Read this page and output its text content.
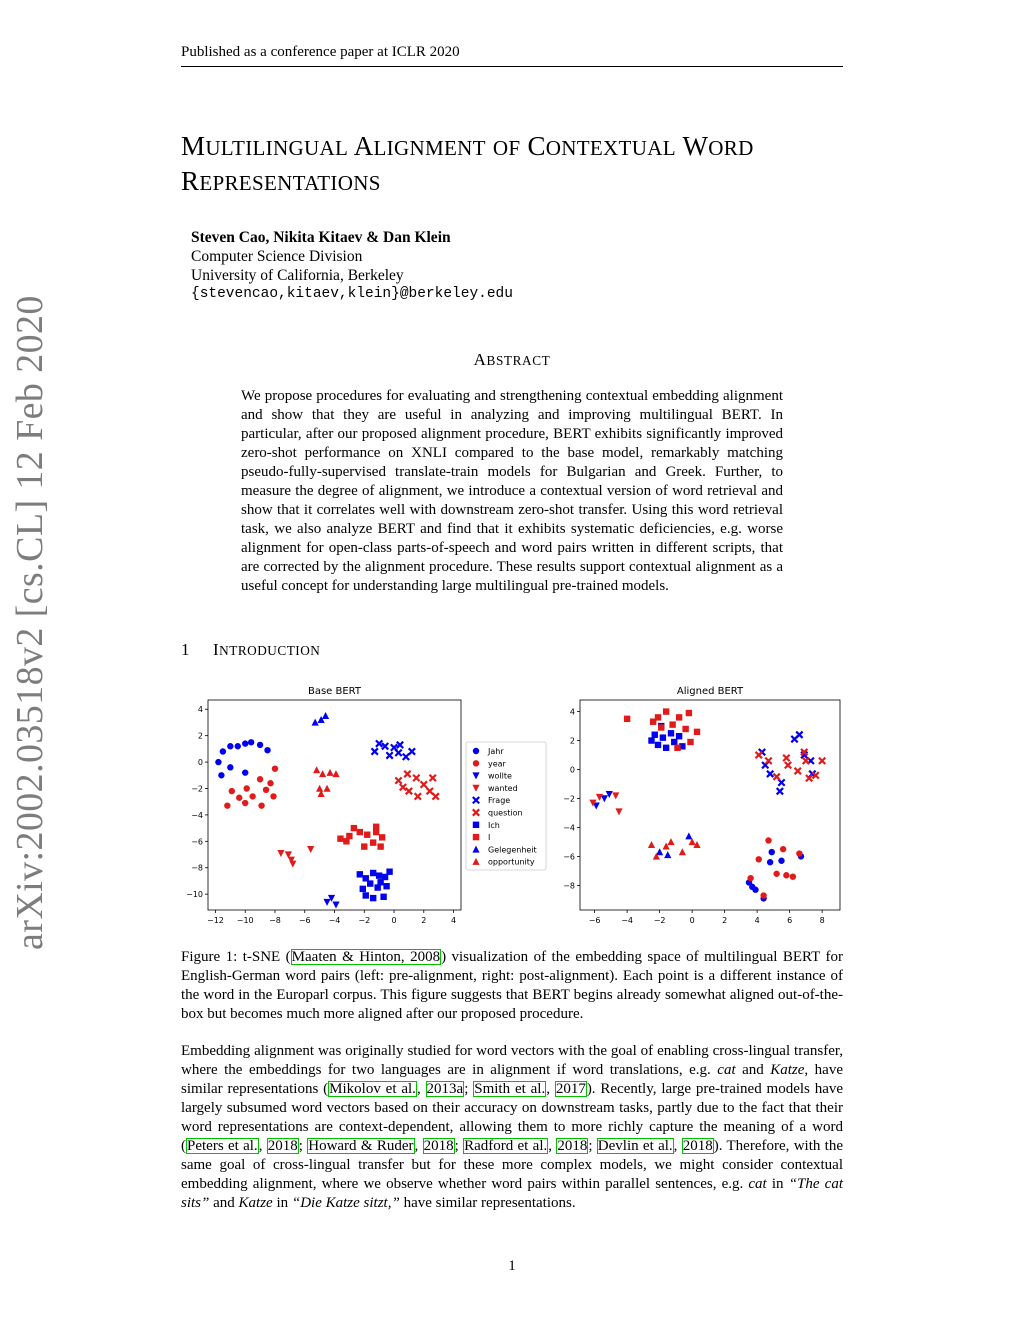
Published as a conference paper at ICLR 2020
arXiv:2002.03518v2 [cs.CL] 12 Feb 2020
MULTILINGUAL ALIGNMENT OF CONTEXTUAL WORD
REPRESENTATIONS
Steven Cao, Nikita Kitaev & Dan Klein
Computer Science Division
University of California, Berkeley
{stevencao,kitaev,klein}@berkeley.edu
ABSTRACT
We propose procedures for evaluating and strengthening contextual embedding alignment and show that they are useful in analyzing and improving multilingual BERT. In particular, after our proposed alignment procedure, BERT exhibits significantly improved zero-shot performance on XNLI compared to the base model, remarkably matching pseudo-fully-supervised translate-train models for Bulgarian and Greek. Further, to measure the degree of alignment, we introduce a contextual version of word retrieval and show that it correlates well with downstream zero-shot transfer. Using this word retrieval task, we also analyze BERT and find that it exhibits systematic deficiencies, e.g. worse alignment for open-class parts-of-speech and word pairs written in different scripts, that are corrected by the alignment procedure. These results support contextual alignment as a useful concept for understanding large multilingual pre-trained models.
1 INTRODUCTION
Base BERT
−12 −10 −8 −6 −4 −2	0	2	4
4
2
0
−2
−4
−6
−8
−10
Aligned BERT
−6	−4	−2	0	2	4	6	8
4
2
0
−2
−4
−6
−8
Jahr
year
wollte
wanted
Frage
question
Ich
I
Gelegenheit
opportunity
Figure 1: t-SNE (Maaten & Hinton, 2008) visualization of the embedding space of multilingual BERT for English-German word pairs (left: pre-alignment, right: post-alignment). Each point is a different instance of the word in the Europarl corpus. This figure suggests that BERT begins already somewhat aligned out-of-the-box but becomes much more aligned after our proposed procedure.
Embedding alignment was originally studied for word vectors with the goal of enabling cross-lingual transfer, where the embeddings for two languages are in alignment if word translations, e.g. cat and Katze, have similar representations (Mikolov et al., 2013a; Smith et al., 2017). Recently, large pre-trained models have largely subsumed word vectors based on their accuracy on downstream tasks, partly due to the fact that their word representations are context-dependent, allowing them to more richly capture the meaning of a word (Peters et al., 2018; Howard & Ruder, 2018; Radford et al., 2018; Devlin et al., 2018). Therefore, with the same goal of cross-lingual transfer but for these more complex models, we might consider contextual embedding alignment, where we observe whether word pairs within parallel sentences, e.g. cat in “The cat sits” and Katze in “Die Katze sitzt,” have similar representations.
1
